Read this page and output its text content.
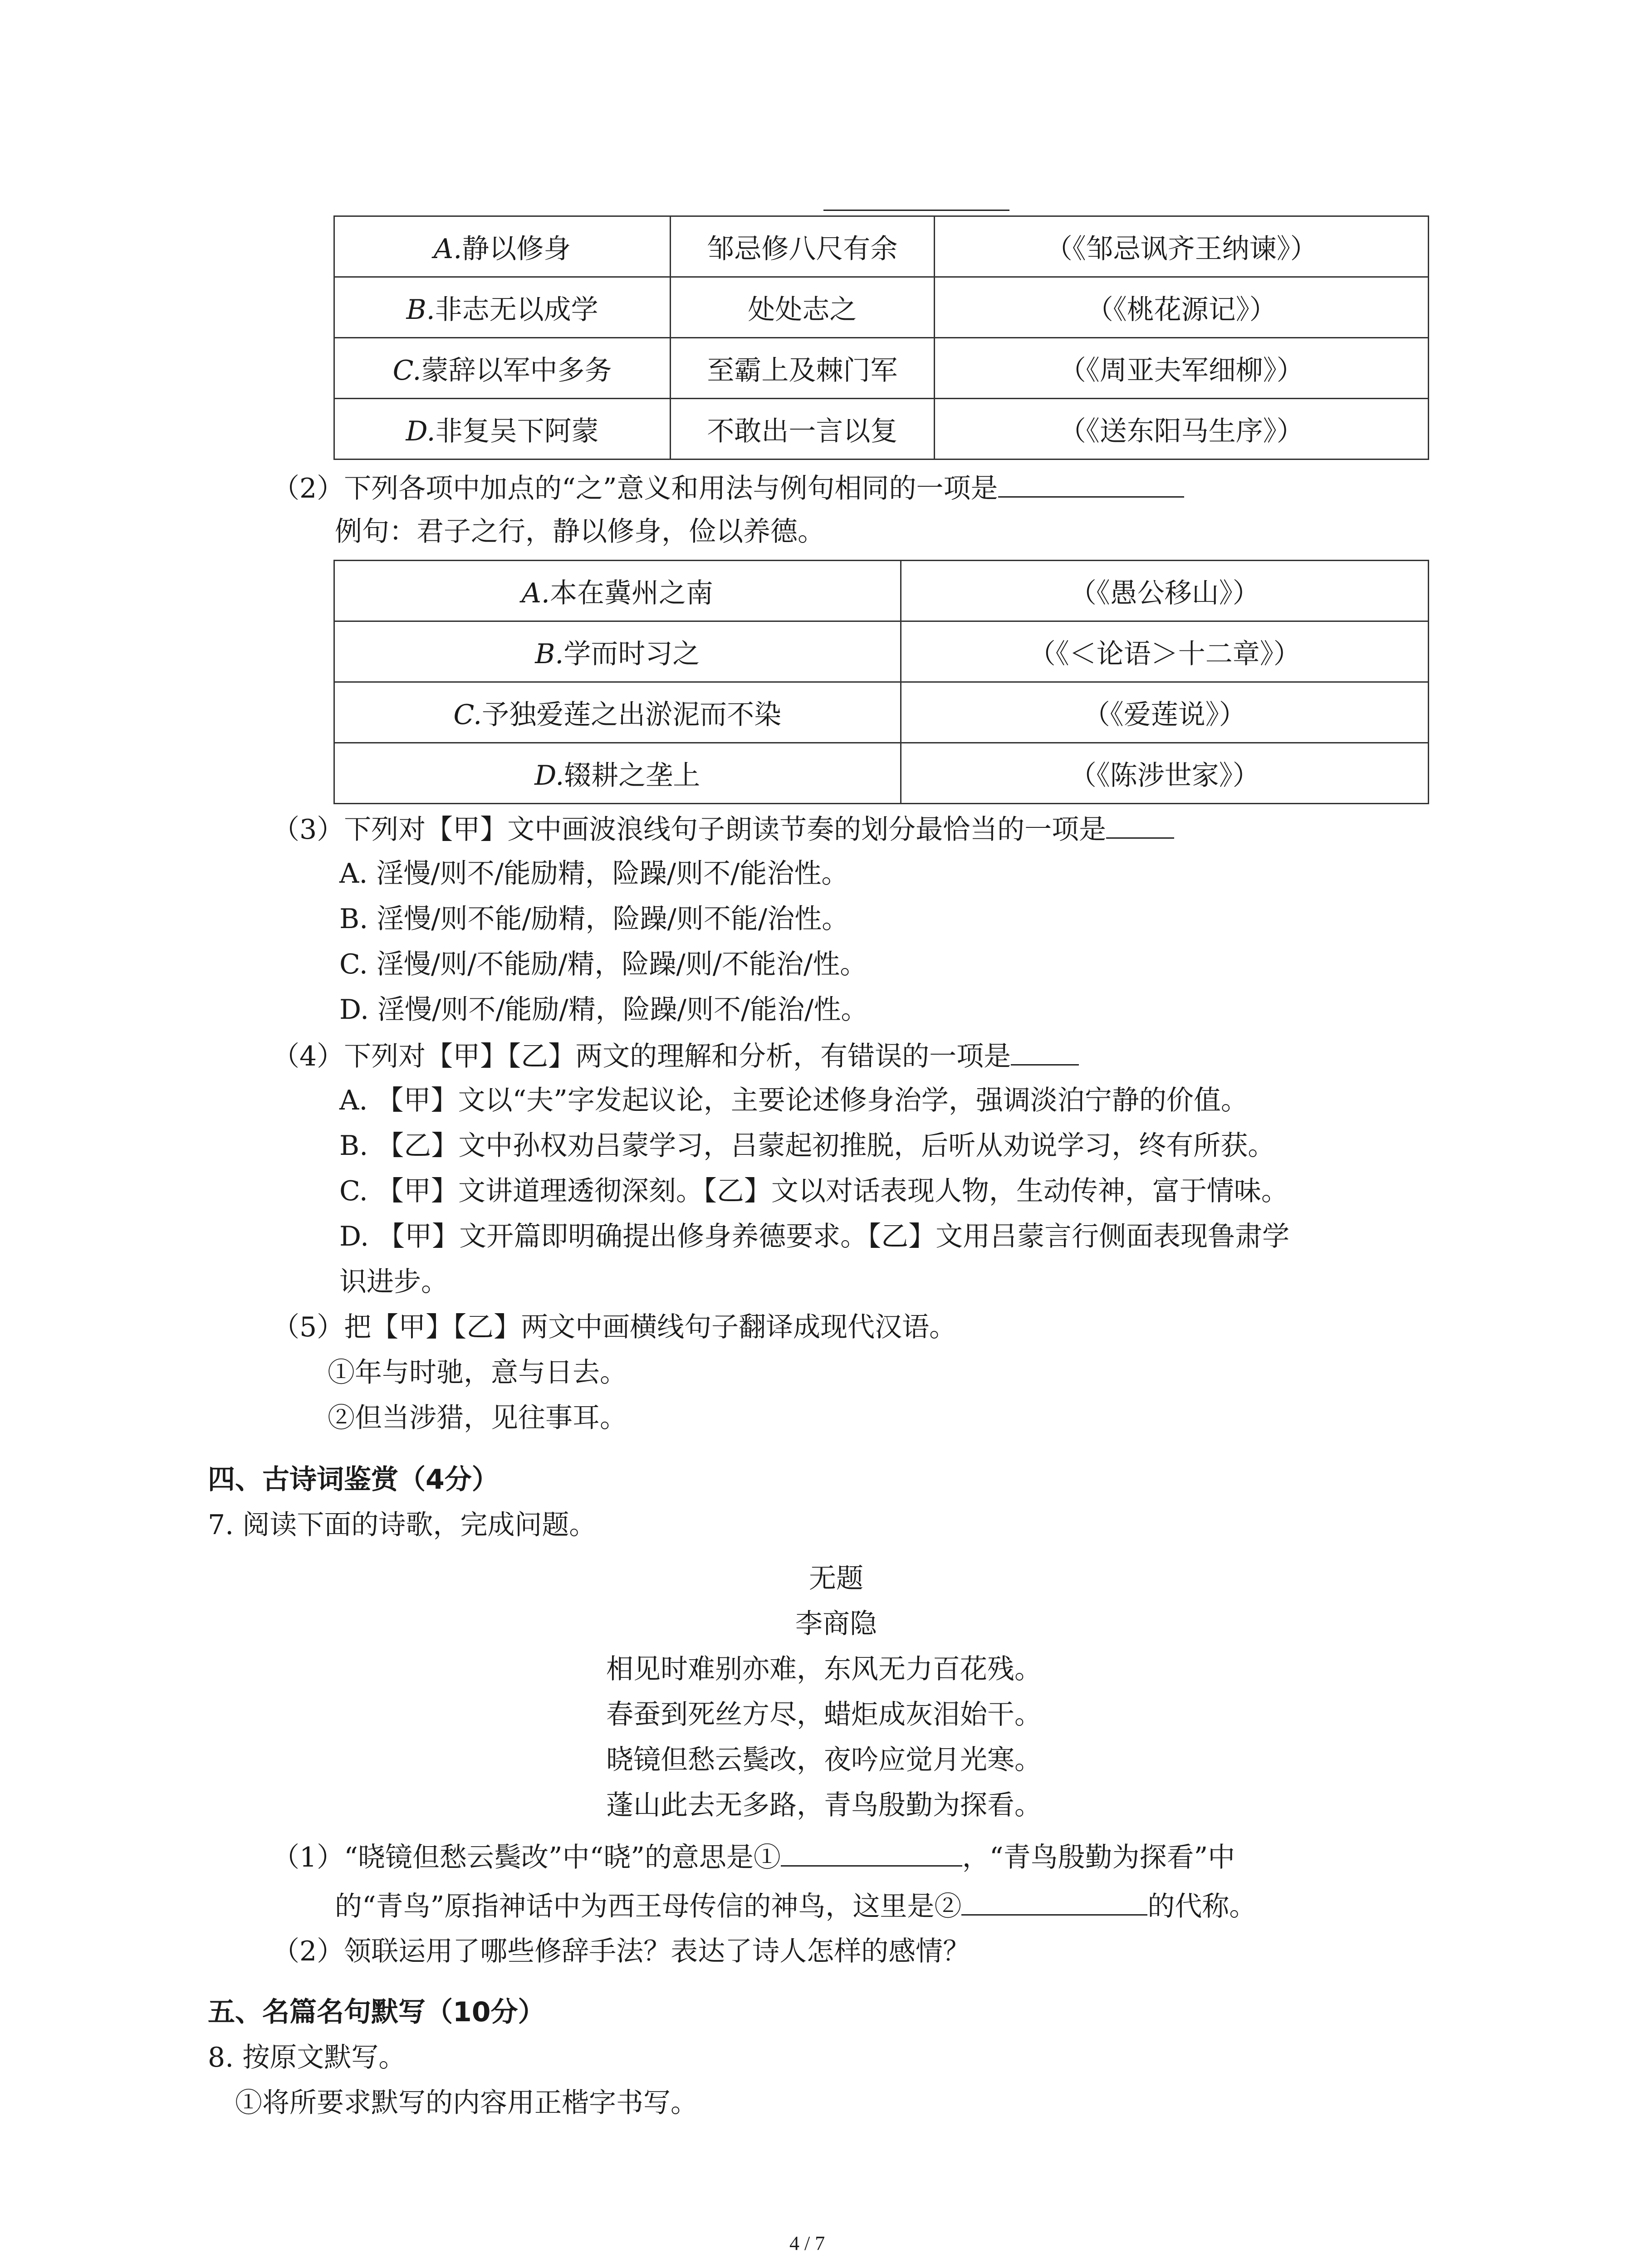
A.静以修身	邹忌修八尺有余	（《邹忌讽齐王纳谏》）
B.非志无以成学	处处志之	（《桃花源记》）
C.蒙辞以军中多务	至霸上及棘门军	（《周亚夫军细柳》）
D.非复吴下阿蒙	不敢出一言以复	（《送东阳马生序》）
（2）下列各项中加点的“之”意义和用法与例句相同的一项是
例句：君子之行，静以修身，俭以养德。
A.本在冀州之南	（《愚公移山》）
B.学而时习之	（《＜论语＞十二章》）
C.予独爱莲之出淤泥而不染	（《爱莲说》）
D.辍耕之垄上	（《陈涉世家》）
（3）下列对【甲】文中画波浪线句子朗读节奏的划分最恰当的一项是
A. 淫慢/则不/能励精，险躁/则不/能治性。
B. 淫慢/则不能/励精，险躁/则不能/治性。
C. 淫慢/则/不能励/精，险躁/则/不能治/性。
D. 淫慢/则不/能励/精，险躁/则不/能治/性。
（4）下列对【甲】【乙】两文的理解和分析，有错误的一项是
A. 【甲】文以“夫”字发起议论，主要论述修身治学，强调淡泊宁静的价值。
B. 【乙】文中孙权劝吕蒙学习，吕蒙起初推脱，后听从劝说学习，终有所获。
C. 【甲】文讲道理透彻深刻。【乙】文以对话表现人物，生动传神，富于情味。
D. 【甲】文开篇即明确提出修身养德要求。【乙】文用吕蒙言行侧面表现鲁肃学
识进步。
（5）把【甲】【乙】两文中画横线句子翻译成现代汉语。
①年与时驰，意与日去。
②但当涉猎，见往事耳。
四、古诗词鉴赏（4分）
7. 阅读下面的诗歌，完成问题。
无题
李商隐
相见时难别亦难，东风无力百花残。
春蚕到死丝方尽，蜡炬成灰泪始干。
晓镜但愁云鬓改，夜吟应觉月光寒。
蓬山此去无多路，青鸟殷勤为探看。
（1）“晓镜但愁云鬓改”中“晓”的意思是①	，“青鸟殷勤为探看”中
的“青鸟”原指神话中为西王母传信的神鸟，这里是②	的代称。
（2）领联运用了哪些修辞手法？表达了诗人怎样的感情？
五、名篇名句默写（10分）
8. 按原文默写。
①将所要求默写的内容用正楷字书写。
4 / 7
